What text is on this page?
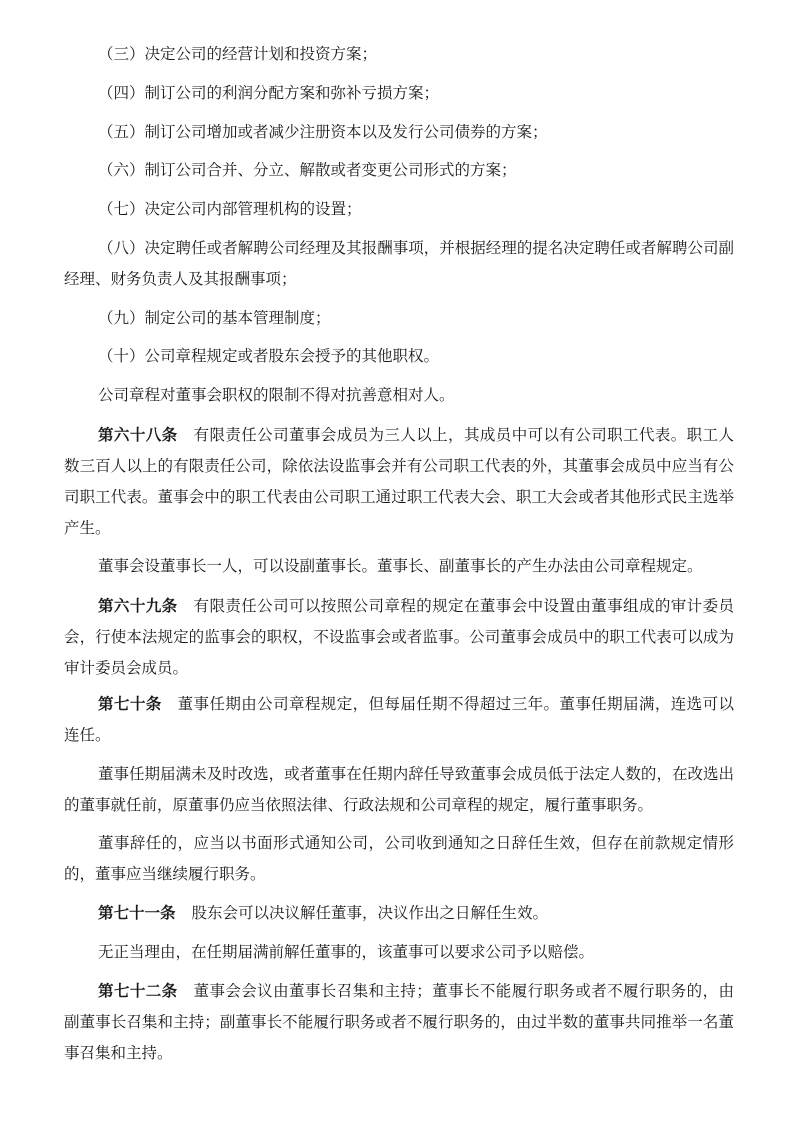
（三）决定公司的经营计划和投资方案；

（四）制订公司的利润分配方案和弥补亏损方案；

（五）制订公司增加或者减少注册资本以及发行公司债券的方案；

（六）制订公司合并、分立、解散或者变更公司形式的方案；

（七）决定公司内部管理机构的设置；

（八）决定聘任或者解聘公司经理及其报酬事项，并根据经理的提名决定聘任或者解聘公司副经理、财务负责人及其报酬事项；

（九）制定公司的基本管理制度；

（十）公司章程规定或者股东会授予的其他职权。

公司章程对董事会职权的限制不得对抗善意相对人。

第六十八条 有限责任公司董事会成员为三人以上，其成员中可以有公司职工代表。职工人数三百人以上的有限责任公司，除依法设监事会并有公司职工代表的外，其董事会成员中应当有公司职工代表。董事会中的职工代表由公司职工通过职工代表大会、职工大会或者其他形式民主选举产生。

董事会设董事长一人，可以设副董事长。董事长、副董事长的产生办法由公司章程规定。

第六十九条 有限责任公司可以按照公司章程的规定在董事会中设置由董事组成的审计委员会，行使本法规定的监事会的职权，不设监事会或者监事。公司董事会成员中的职工代表可以成为审计委员会成员。

第七十条 董事任期由公司章程规定，但每届任期不得超过三年。董事任期届满，连选可以连任。

董事任期届满未及时改选，或者董事在任期内辞任导致董事会成员低于法定人数的，在改选出的董事就任前，原董事仍应当依照法律、行政法规和公司章程的规定，履行董事职务。

董事辞任的，应当以书面形式通知公司，公司收到通知之日辞任生效，但存在前款规定情形的，董事应当继续履行职务。

第七十一条 股东会可以决议解任董事，决议作出之日解任生效。

无正当理由，在任期届满前解任董事的，该董事可以要求公司予以赔偿。

第七十二条 董事会会议由董事长召集和主持；董事长不能履行职务或者不履行职务的，由副董事长召集和主持；副董事长不能履行职务或者不履行职务的，由过半数的董事共同推举一名董事召集和主持。
